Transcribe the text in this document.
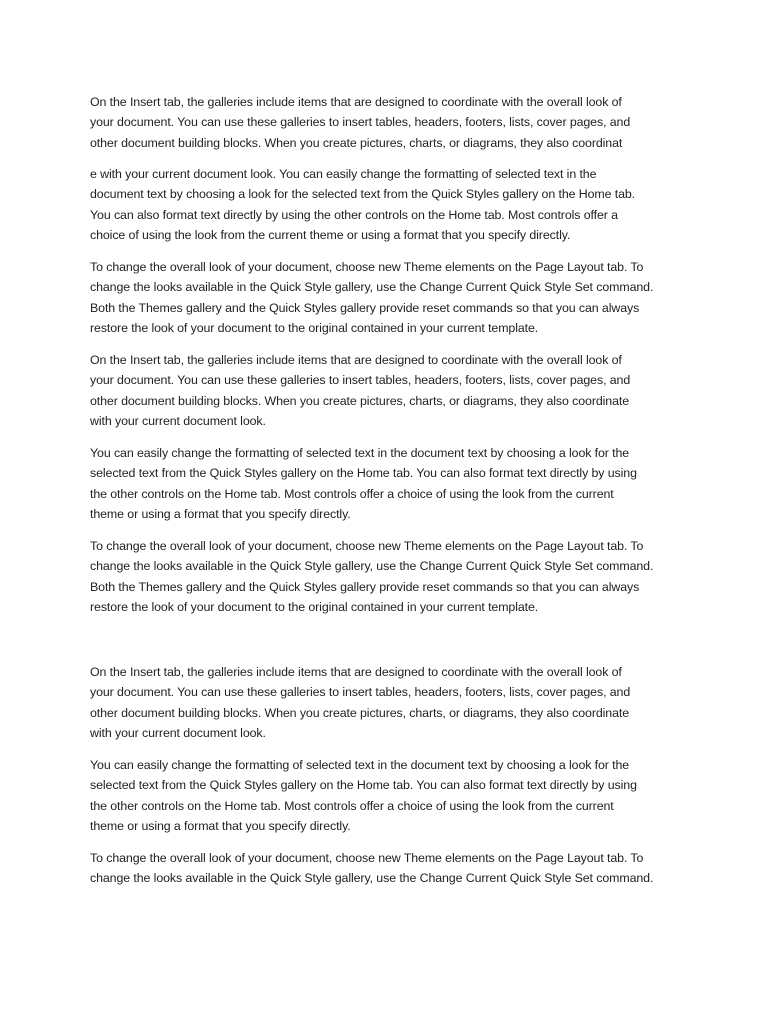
On the Insert tab, the galleries include items that are designed to coordinate with the overall look of
your document. You can use these galleries to insert tables, headers, footers, lists, cover pages, and
other document building blocks. When you create pictures, charts, or diagrams, they also coordinat

e with your current document look. You can easily change the formatting of selected text in the
document text by choosing a look for the selected text from the Quick Styles gallery on the Home tab.
You can also format text directly by using the other controls on the Home tab. Most controls offer a
choice of using the look from the current theme or using a format that you specify directly.

To change the overall look of your document, choose new Theme elements on the Page Layout tab. To
change the looks available in the Quick Style gallery, use the Change Current Quick Style Set command.
Both the Themes gallery and the Quick Styles gallery provide reset commands so that you can always
restore the look of your document to the original contained in your current template.

On the Insert tab, the galleries include items that are designed to coordinate with the overall look of
your document. You can use these galleries to insert tables, headers, footers, lists, cover pages, and
other document building blocks. When you create pictures, charts, or diagrams, they also coordinate
with your current document look.

You can easily change the formatting of selected text in the document text by choosing a look for the
selected text from the Quick Styles gallery on the Home tab. You can also format text directly by using
the other controls on the Home tab. Most controls offer a choice of using the look from the current
theme or using a format that you specify directly.

To change the overall look of your document, choose new Theme elements on the Page Layout tab. To
change the looks available in the Quick Style gallery, use the Change Current Quick Style Set command.
Both the Themes gallery and the Quick Styles gallery provide reset commands so that you can always
restore the look of your document to the original contained in your current template.

On the Insert tab, the galleries include items that are designed to coordinate with the overall look of
your document. You can use these galleries to insert tables, headers, footers, lists, cover pages, and
other document building blocks. When you create pictures, charts, or diagrams, they also coordinate
with your current document look.

You can easily change the formatting of selected text in the document text by choosing a look for the
selected text from the Quick Styles gallery on the Home tab. You can also format text directly by using
the other controls on the Home tab. Most controls offer a choice of using the look from the current
theme or using a format that you specify directly.

To change the overall look of your document, choose new Theme elements on the Page Layout tab. To
change the looks available in the Quick Style gallery, use the Change Current Quick Style Set command.
